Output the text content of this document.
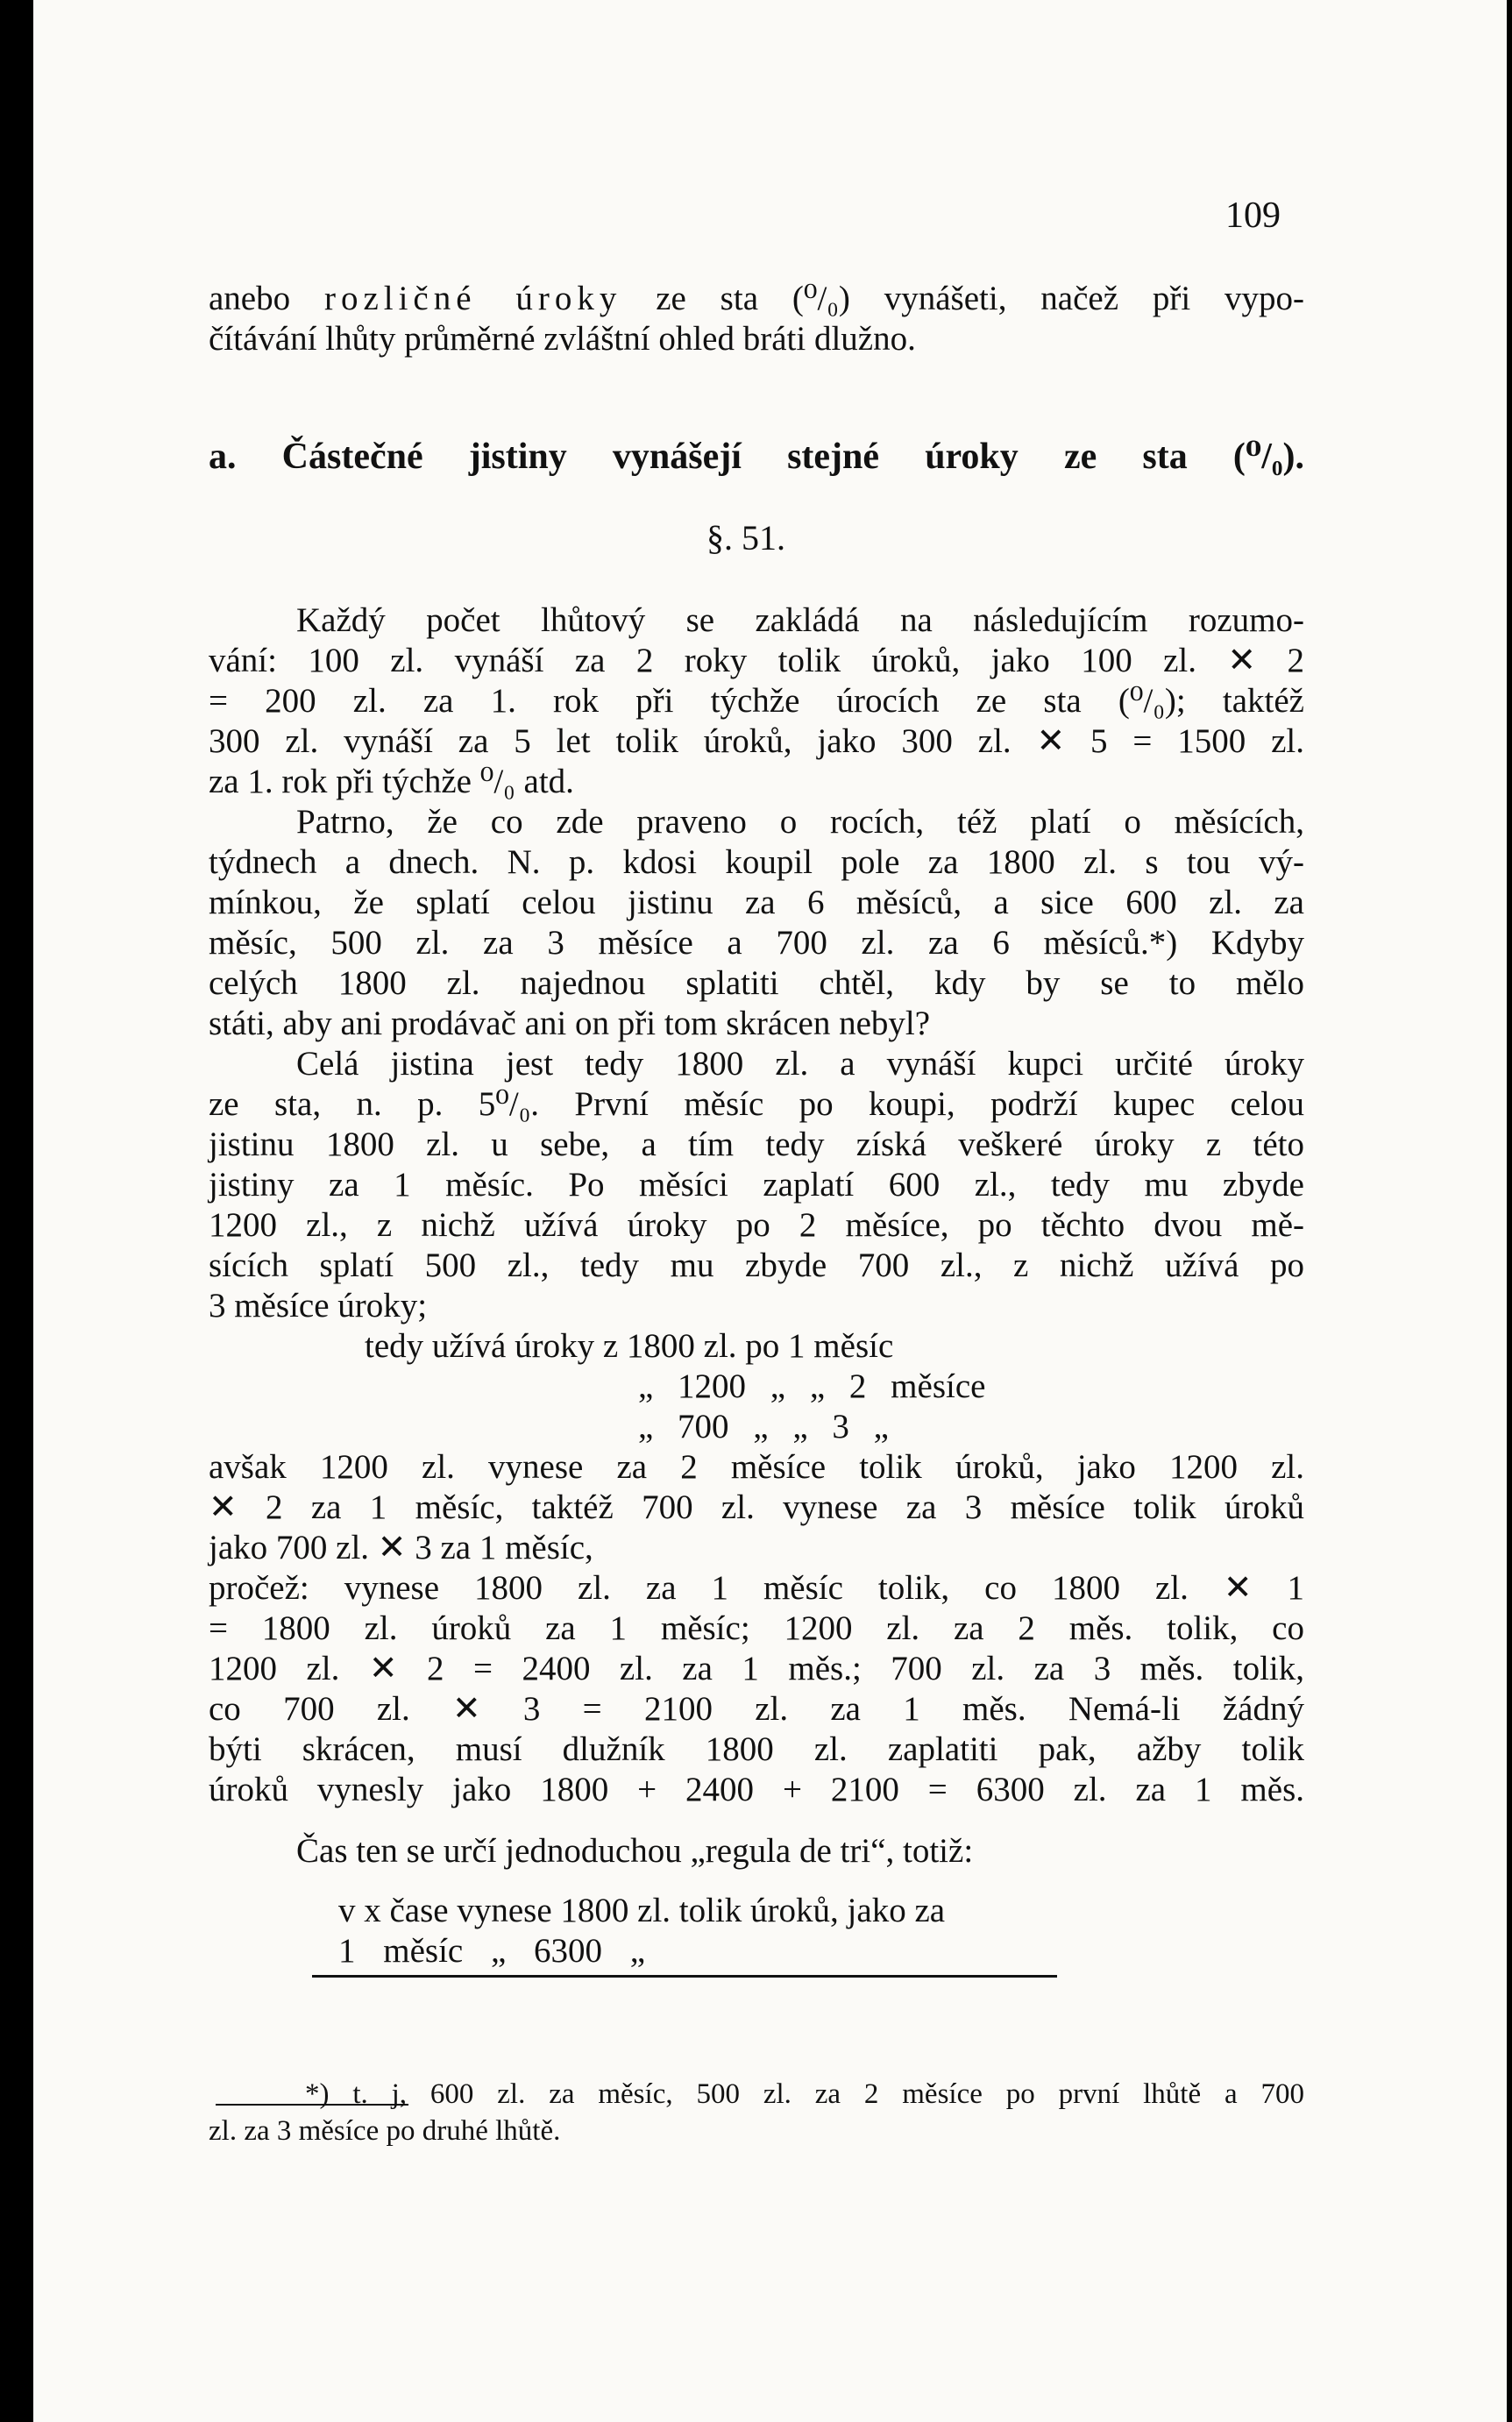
109

anebo rozličné úroky ze sta (⁰/₀) vynášeti, načež při vypo-

čítávání lhůty průměrné zvláštní ohled bráti dlužno.

a. Částečné jistiny vynášejí stejné úroky ze sta (⁰/₀).

§. 51.

Každý počet lhůtový se zakládá na následujícím rozumo-

vání: 100 zl. vynáší za 2 roky tolik úroků, jako 100 zl. ✕ 2

= 200 zl. za 1. rok při týchže úrocích ze sta (⁰/₀); taktéž

300 zl. vynáší za 5 let tolik úroků, jako 300 zl. ✕ 5 = 1500 zl.

za 1. rok při týchže ⁰/₀ atd.

Patrno, že co zde praveno o rocích, též platí o měsících,

týdnech a dnech. N. p. kdosi koupil pole za 1800 zl. s tou vý-

mínkou, že splatí celou jistinu za 6 měsíců, a sice 600 zl. za

měsíc, 500 zl. za 3 měsíce a 700 zl. za 6 měsíců.*) Kdyby

celých 1800 zl. najednou splatiti chtěl, kdy by se to mělo

státi, aby ani prodávač ani on při tom skrácen nebyl?

Celá jistina jest tedy 1800 zl. a vynáší kupci určité úroky

ze sta, n. p. 5⁰/₀. První měsíc po koupi, podrží kupec celou

jistinu 1800 zl. u sebe, a tím tedy získá veškeré úroky z této

jistiny za 1 měsíc. Po měsíci zaplatí 600 zl., tedy mu zbyde

1200 zl., z nichž užívá úroky po 2 měsíce, po těchto dvou mě-

sících splatí 500 zl., tedy mu zbyde 700 zl., z nichž užívá po

3 měsíce úroky;

tedy užívá úroky z 1800 zl. po 1 měsíc

„ 1200 „ „ 2 měsíce

„ 700 „ „ 3 „

avšak 1200 zl. vynese za 2 měsíce tolik úroků, jako 1200 zl.

✕ 2 za 1 měsíc, taktéž 700 zl. vynese za 3 měsíce tolik úroků

jako 700 zl. ✕ 3 za 1 měsíc,

pročež: vynese 1800 zl. za 1 měsíc tolik, co 1800 zl. ✕ 1

= 1800 zl. úroků za 1 měsíc; 1200 zl. za 2 měs. tolik, co

1200 zl. ✕ 2 = 2400 zl. za 1 měs.; 700 zl. za 3 měs. tolik,

co 700 zl. ✕ 3 = 2100 zl. za 1 měs. Nemá-li žádný

býti skrácen, musí dlužník 1800 zl. zaplatiti pak, ažby tolik

úroků vynesly jako 1800 + 2400 + 2100 = 6300 zl. za 1 měs.

Čas ten se určí jednoduchou „regula de tri“, totiž:

v x čase vynese 1800 zl. tolik úroků, jako za

1 měsíc „ 6300 „

*) t. j, 600 zl. za měsíc, 500 zl. za 2 měsíce po první lhůtě a 700
zl. za 3 měsíce po druhé lhůtě.
